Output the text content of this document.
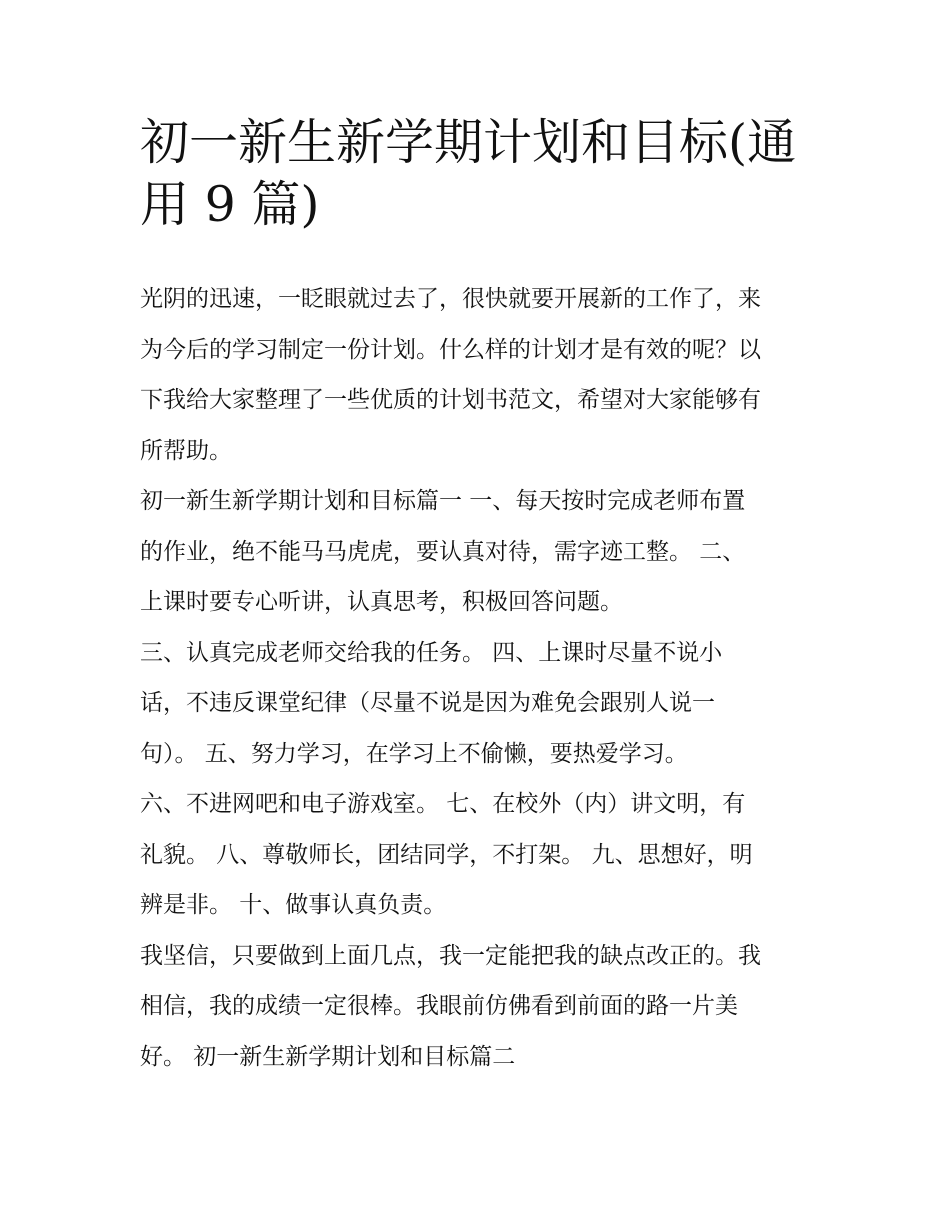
初一新生新学期计划和目标(通
用 9 篇)

光阴的迅速，一眨眼就过去了，很快就要开展新的工作了，来
为今后的学习制定一份计划。什么样的计划才是有效的呢？以
下我给大家整理了一些优质的计划书范文，希望对大家能够有
所帮助。

初一新生新学期计划和目标篇一 一、每天按时完成老师布置
的作业，绝不能马马虎虎，要认真对待，需字迹工整。 二、
上课时要专心听讲，认真思考，积极回答问题。

三、认真完成老师交给我的任务。 四、上课时尽量不说小
话，不违反课堂纪律（尽量不说是因为难免会跟别人说一
句）。 五、努力学习，在学习上不偷懒，要热爱学习。

六、不进网吧和电子游戏室。 七、在校外（内）讲文明，有
礼貌。 八、尊敬师长，团结同学，不打架。 九、思想好，明
辨是非。 十、做事认真负责。

我坚信，只要做到上面几点，我一定能把我的缺点改正的。我
相信，我的成绩一定很棒。我眼前仿佛看到前面的路一片美
好。 初一新生新学期计划和目标篇二
